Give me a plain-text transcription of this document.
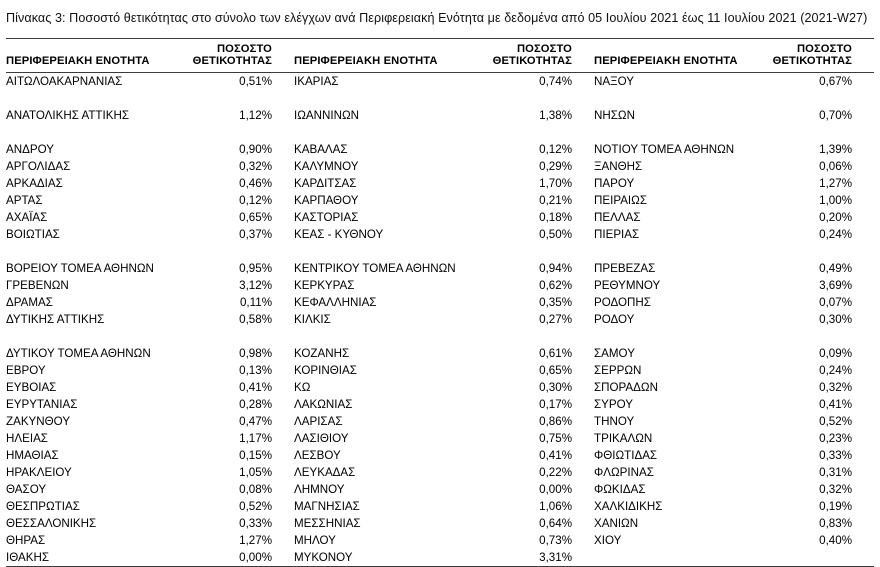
Πίνακας 3: Ποσοστό θετικότητας στο σύνολο των ελέγχων ανά Περιφερειακή Ενότητα με δεδομένα από 05 Ιουλίου 2021 έως 11 Ιουλίου 2021 (2021-W27)
ΠΕΡΙΦΕΡΕΙΑΚΗ ΕΝΟΤΗΤΑ	ΠΟΣΟΣΤΟ ΘΕΤΙΚΟΤΗΤΑΣ	ΠΕΡΙΦΕΡΕΙΑΚΗ ΕΝΟΤΗΤΑ	ΠΟΣΟΣΤΟ ΘΕΤΙΚΟΤΗΤΑΣ	ΠΕΡΙΦΕΡΕΙΑΚΗ ΕΝΟΤΗΤΑ	ΠΟΣΟΣΤΟ ΘΕΤΙΚΟΤΗΤΑΣ
ΑΙΤΩΛΟΑΚΑΡΝΑΝΙΑΣ	0,51%	ΙΚΑΡΙΑΣ	0,74%	ΝΑΞΟΥ	0,67%

ΑΝΑΤΟΛΙΚΗΣ ΑΤΤΙΚΗΣ	1,12%	ΙΩΑΝΝΙΝΩΝ	1,38%	ΝΗΣΩΝ	0,70%

ΑΝΔΡΟΥ	0,90%	ΚΑΒΑΛΑΣ	0,12%	ΝΟΤΙΟΥ ΤΟΜΕΑ ΑΘΗΝΩΝ	1,39%
ΑΡΓΟΛΙΔΑΣ	0,32%	ΚΑΛΥΜΝΟΥ	0,29%	ΞΑΝΘΗΣ	0,06%
ΑΡΚΑΔΙΑΣ	0,46%	ΚΑΡΔΙΤΣΑΣ	1,70%	ΠΑΡΟΥ	1,27%
ΑΡΤΑΣ	0,12%	ΚΑΡΠΑΘΟΥ	0,21%	ΠΕΙΡΑΙΩΣ	1,00%
ΑΧΑΪΑΣ	0,65%	ΚΑΣΤΟΡΙΑΣ	0,18%	ΠΕΛΛΑΣ	0,20%
ΒΟΙΩΤΙΑΣ	0,37%	ΚΕΑΣ - ΚΥΘΝΟΥ	0,50%	ΠΙΕΡΙΑΣ	0,24%

ΒΟΡΕΙΟΥ ΤΟΜΕΑ ΑΘΗΝΩΝ	0,95%	ΚΕΝΤΡΙΚΟΥ ΤΟΜΕΑ ΑΘΗΝΩΝ	0,94%	ΠΡΕΒΕΖΑΣ	0,49%
ΓΡΕΒΕΝΩΝ	3,12%	ΚΕΡΚΥΡΑΣ	0,62%	ΡΕΘΥΜΝΟΥ	3,69%
ΔΡΑΜΑΣ	0,11%	ΚΕΦΑΛΛΗΝΙΑΣ	0,35%	ΡΟΔΟΠΗΣ	0,07%
ΔΥΤΙΚΗΣ ΑΤΤΙΚΗΣ	0,58%	ΚΙΛΚΙΣ	0,27%	ΡΟΔΟΥ	0,30%

ΔΥΤΙΚΟΥ ΤΟΜΕΑ ΑΘΗΝΩΝ	0,98%	ΚΟΖΑΝΗΣ	0,61%	ΣΑΜΟΥ	0,09%
ΕΒΡΟΥ	0,13%	ΚΟΡΙΝΘΙΑΣ	0,65%	ΣΕΡΡΩΝ	0,24%
ΕΥΒΟΙΑΣ	0,41%	ΚΩ	0,30%	ΣΠΟΡΑΔΩΝ	0,32%
ΕΥΡΥΤΑΝΙΑΣ	0,28%	ΛΑΚΩΝΙΑΣ	0,17%	ΣΥΡΟΥ	0,41%
ΖΑΚΥΝΘΟΥ	0,47%	ΛΑΡΙΣΑΣ	0,86%	ΤΗΝΟΥ	0,52%
ΗΛΕΙΑΣ	1,17%	ΛΑΣΙΘΙΟΥ	0,75%	ΤΡΙΚΑΛΩΝ	0,23%
ΗΜΑΘΙΑΣ	0,15%	ΛΕΣΒΟΥ	0,41%	ΦΘΙΩΤΙΔΑΣ	0,33%
ΗΡΑΚΛΕΙΟΥ	1,05%	ΛΕΥΚΑΔΑΣ	0,22%	ΦΛΩΡΙΝΑΣ	0,31%
ΘΑΣΟΥ	0,08%	ΛΗΜΝΟΥ	0,00%	ΦΩΚΙΔΑΣ	0,32%
ΘΕΣΠΡΩΤΙΑΣ	0,52%	ΜΑΓΝΗΣΙΑΣ	1,06%	ΧΑΛΚΙΔΙΚΗΣ	0,19%
ΘΕΣΣΑΛΟΝΙΚΗΣ	0,33%	ΜΕΣΣΗΝΙΑΣ	0,64%	ΧΑΝΙΩΝ	0,83%
ΘΗΡΑΣ	1,27%	ΜΗΛΟΥ	0,73%	ΧΙΟΥ	0,40%
ΙΘΑΚΗΣ	0,00%	ΜΥΚΟΝΟΥ	3,31%		
